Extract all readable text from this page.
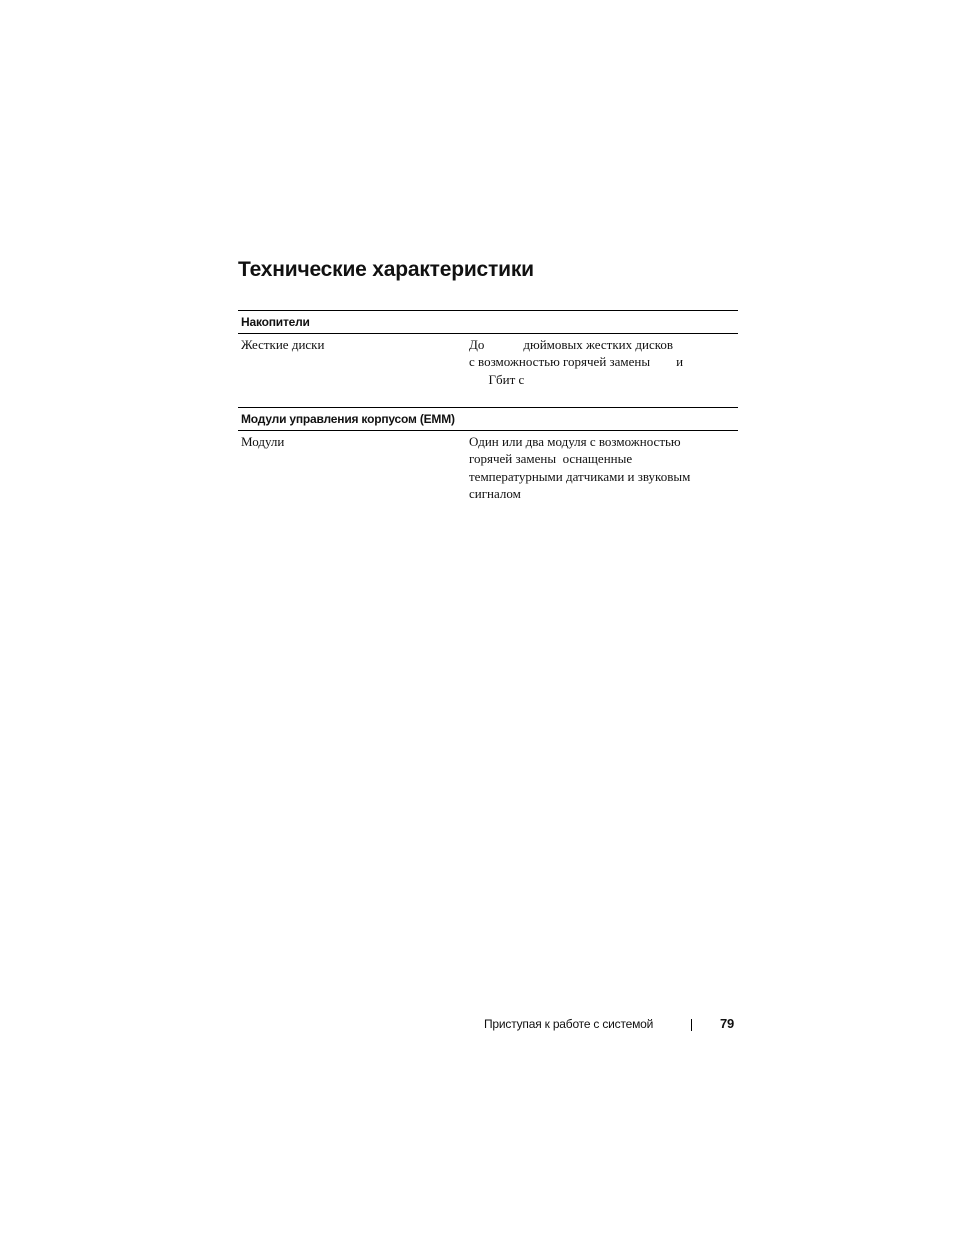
Технические характеристики
Накопители
Жесткие диски	До            дюймовых жестких дисков
с возможностью горячей замены        и
Гбит с
Модули управления корпусом (EMM)
Модули	Один или два модуля с возможностью
горячей замены  оснащенные
температурными датчиками и звуковым
сигналом
Приступая к работе с системой	79
